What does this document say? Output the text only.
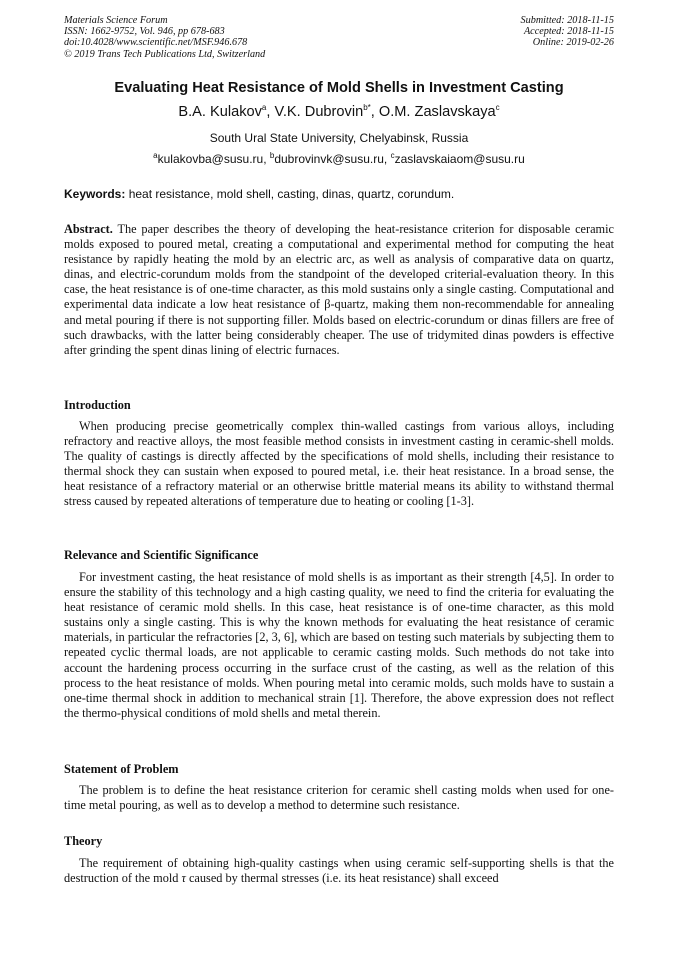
Materials Science Forum
ISSN: 1662-9752, Vol. 946, pp 678-683
doi:10.4028/www.scientific.net/MSF.946.678
© 2019 Trans Tech Publications Ltd, Switzerland
Submitted: 2018-11-15
Accepted: 2018-11-15
Online: 2019-02-26
Evaluating Heat Resistance of Mold Shells in Investment Casting
B.A. Kulakov$^a$, V.K. Dubrovin$^{b*}$, O.M. Zaslavskaya$^c$
South Ural State University, Chelyabinsk, Russia
$^a$kulakovba@susu.ru, $^b$dubrovinvk@susu.ru, $^c$zaslavskaiaom@susu.ru
Keywords: heat resistance, mold shell, casting, dinas, quartz, corundum.

Abstract. The paper describes the theory of developing the heat-resistance criterion for disposable ceramic molds exposed to poured metal, creating a computational and experimental method for computing the heat resistance by rapidly heating the mold by an electric arc, as well as analysis of comparative data on quartz, dinas, and electric-corundum molds from the standpoint of the developed criterial-evaluation theory. In this case, the heat resistance is of one-time character, as this mold sustains only a single casting. Computational and experimental data indicate a low heat resistance of β-quartz, making them non-recommendable for annealing and metal pouring if there is not supporting filler. Molds based on electric-corundum or dinas fillers are free of such drawbacks, with the latter being considerably cheaper. The use of tridymited dinas powders is effective after grinding the spent dinas lining of electric furnaces.

Introduction

When producing precise geometrically complex thin-walled castings from various alloys, including refractory and reactive alloys, the most feasible method consists in investment casting in ceramic-shell molds. The quality of castings is directly affected by the specifications of mold shells, including their resistance to thermal shock they can sustain when exposed to poured metal, i.e. their heat resistance. In a broad sense, the heat resistance of a refractory material or an otherwise brittle material means its ability to withstand thermal stress caused by repeated alterations of temperature due to heating or cooling [1-3].

Relevance and Scientific Significance

For investment casting, the heat resistance of mold shells is as important as their strength [4,5]. In order to ensure the stability of this technology and a high casting quality, we need to find the criteria for evaluating the heat resistance of ceramic mold shells. In this case, heat resistance is of one-time character, as this mold sustains only a single casting. This is why the known methods for evaluating the heat resistance of ceramic materials, in particular the refractories [2, 3, 6], which are based on testing such materials by subjecting them to repeated cyclic thermal loads, are not applicable to ceramic casting molds. Such methods do not take into account the hardening process occurring in the surface crust of the casting, as well as the relation of this process to the heat resistance of molds. When pouring metal into ceramic molds, such molds have to sustain a one-time thermal shock in addition to mechanical strain [1]. Therefore, the above expression does not reflect the thermo-physical conditions of mold shells and metal therein.

Statement of Problem

The problem is to define the heat resistance criterion for ceramic shell casting molds when used for one-time metal pouring, as well as to develop a method to determine such resistance.

Theory

The requirement of obtaining high-quality castings when using ceramic self-supporting shells is that the destruction of the mold τ caused by thermal stresses (i.e. its heat resistance) shall exceed
